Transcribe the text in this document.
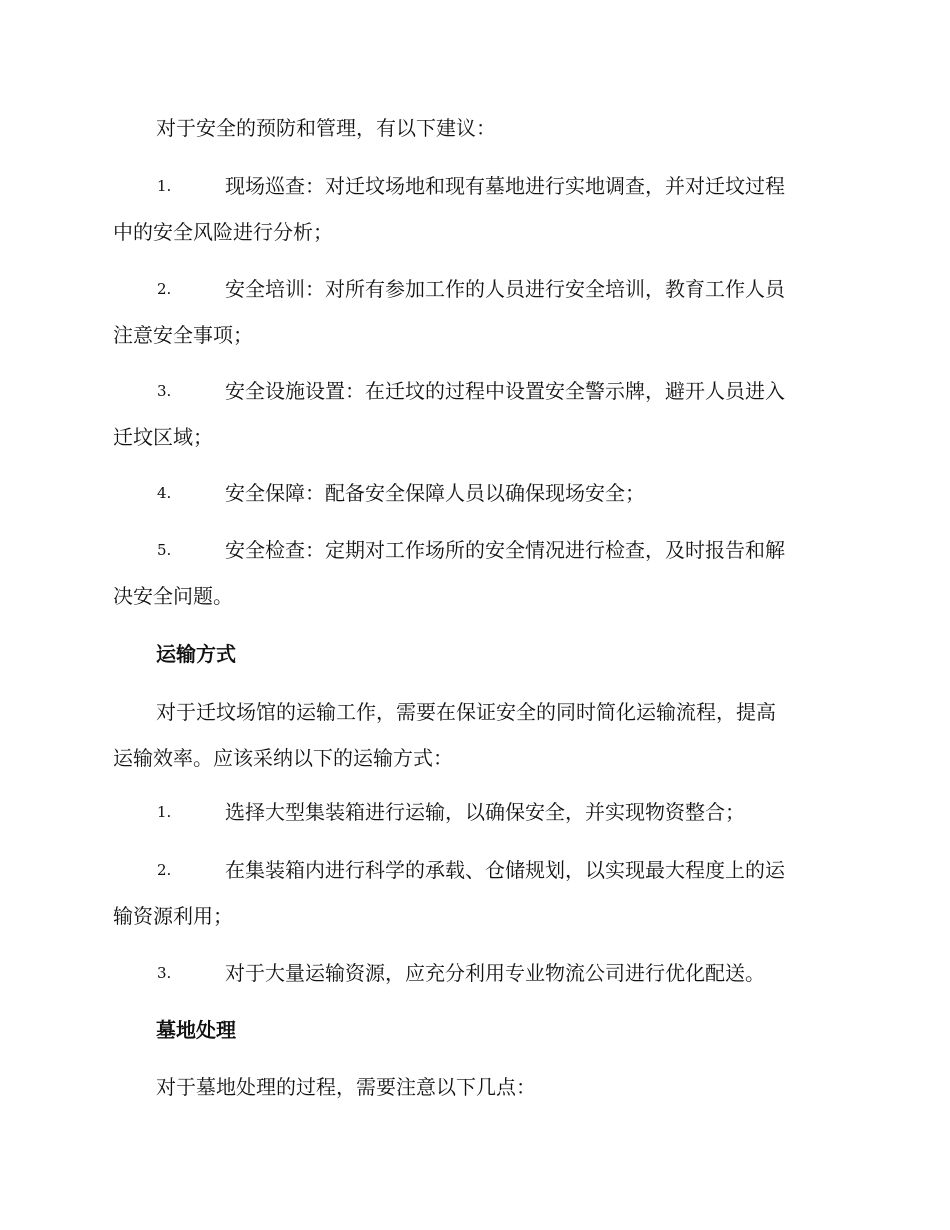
对于安全的预防和管理，有以下建议：

1.	现场巡查：对迁坟场地和现有墓地进行实地调查，并对迁坟过程
中的安全风险进行分析；
2.	安全培训：对所有参加工作的人员进行安全培训，教育工作人员
注意安全事项；
3.	安全设施设置：在迁坟的过程中设置安全警示牌，避开人员进入
迁坟区域；
4.	安全保障：配备安全保障人员以确保现场安全；
5.	安全检查：定期对工作场所的安全情况进行检查，及时报告和解
决安全问题。
运输方式

对于迁坟场馆的运输工作，需要在保证安全的同时简化运输流程，提高
运输效率。应该采纳以下的运输方式：

1.	选择大型集装箱进行运输，以确保安全，并实现物资整合；
2.	在集装箱内进行科学的承载、仓储规划，以实现最大程度上的运
输资源利用；
3.	对于大量运输资源，应充分利用专业物流公司进行优化配送。
墓地处理

对于墓地处理的过程，需要注意以下几点：
